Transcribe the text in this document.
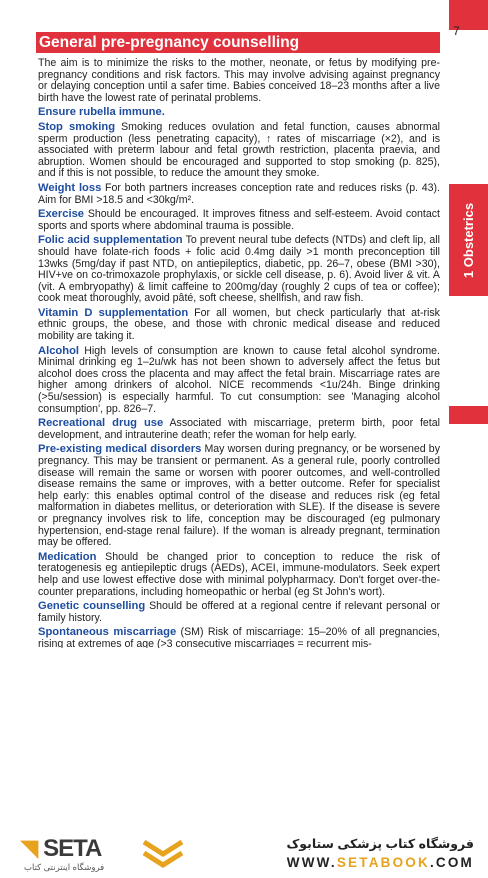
7
1 Obstetrics
General pre-pregnancy counselling

The aim is to minimize the risks to the mother, neonate, or fetus by modifying pre-pregnancy conditions and risk factors. This may involve advising against pregnancy or delaying conception until a safer time. Babies conceived 18–23 months after a live birth have the lowest rate of perinatal problems.

Ensure rubella immune.

Stop smoking Smoking reduces ovulation and fetal function, causes abnormal sperm production (less penetrating capacity), ↑ rates of miscarriage (×2), and is associated with preterm labour and fetal growth restriction, placenta praevia, and abruption. Women should be encouraged and supported to stop smoking (p. 825), and if this is not possible, to reduce the amount they smoke.

Weight loss For both partners increases conception rate and reduces risks (p. 43). Aim for BMI >18.5 and <30kg/m².

Exercise Should be encouraged. It improves fitness and self-esteem. Avoid contact sports and sports where abdominal trauma is possible.

Folic acid supplementation To prevent neural tube defects (NTDs) and cleft lip, all should have folate-rich foods + folic acid 0.4mg daily >1 month preconception till 13wks (5mg/day if past NTD, on antiepileptics, diabetic, pp. 26–7, obese (BMI >30), HIV+ve on co-trimoxazole prophylaxis, or sickle cell disease, p. 6). Avoid liver & vit. A (vit. A embryopathy) & limit caffeine to 200mg/day (roughly 2 cups of tea or coffee); cook meat thoroughly, avoid pâté, soft cheese, shellfish, and raw fish.

Vitamin D supplementation For all women, but check particularly that at-risk ethnic groups, the obese, and those with chronic medical disease and reduced mobility are taking it.

Alcohol High levels of consumption are known to cause fetal alcohol syndrome. Minimal drinking eg 1–2u/wk has not been shown to adversely affect the fetus but alcohol does cross the placenta and may affect the fetal brain. Miscarriage rates are higher among drinkers of alcohol. NICE recommends <1u/24h. Binge drinking (>5u/session) is especially harmful. To cut consumption: see 'Managing alcohol consumption', pp. 826–7.

Recreational drug use Associated with miscarriage, preterm birth, poor fetal development, and intrauterine death; refer the woman for help early.

Pre-existing medical disorders May worsen during pregnancy, or be worsened by pregnancy. This may be transient or permanent. As a general rule, poorly controlled disease will remain the same or worsen with poorer outcomes, and well-controlled disease remains the same or improves, with a better outcome. Refer for specialist help early: this enables optimal control of the disease and reduces risk (eg fetal malformation in diabetes mellitus, or deterioration with SLE). If the disease is severe or pregnancy involves risk to life, conception may be discouraged (eg pulmonary hypertension, end-stage renal failure). If the woman is already pregnant, termination may be offered.

Medication Should be changed prior to conception to reduce the risk of teratogenesis eg antiepileptic drugs (AEDs), ACEI, immune-modulators. Seek expert help and use lowest effective dose with minimal polypharmacy. Don't forget over-the-counter preparations, including homeopathic or herbal (eg St John's wort).

Genetic counselling Should be offered at a regional centre if relevant personal or family history.

Spontaneous miscarriage (SM) Risk of miscarriage: 15–20% of all pregnancies, rising at extremes of age (>3 consecutive miscarriages = recurrent mis-

◥ SETA
فروشگاه اینترنتی کتاب
فروشگاه کتاب پزشکی ستابوک
WWW.SETABOOK.COM
